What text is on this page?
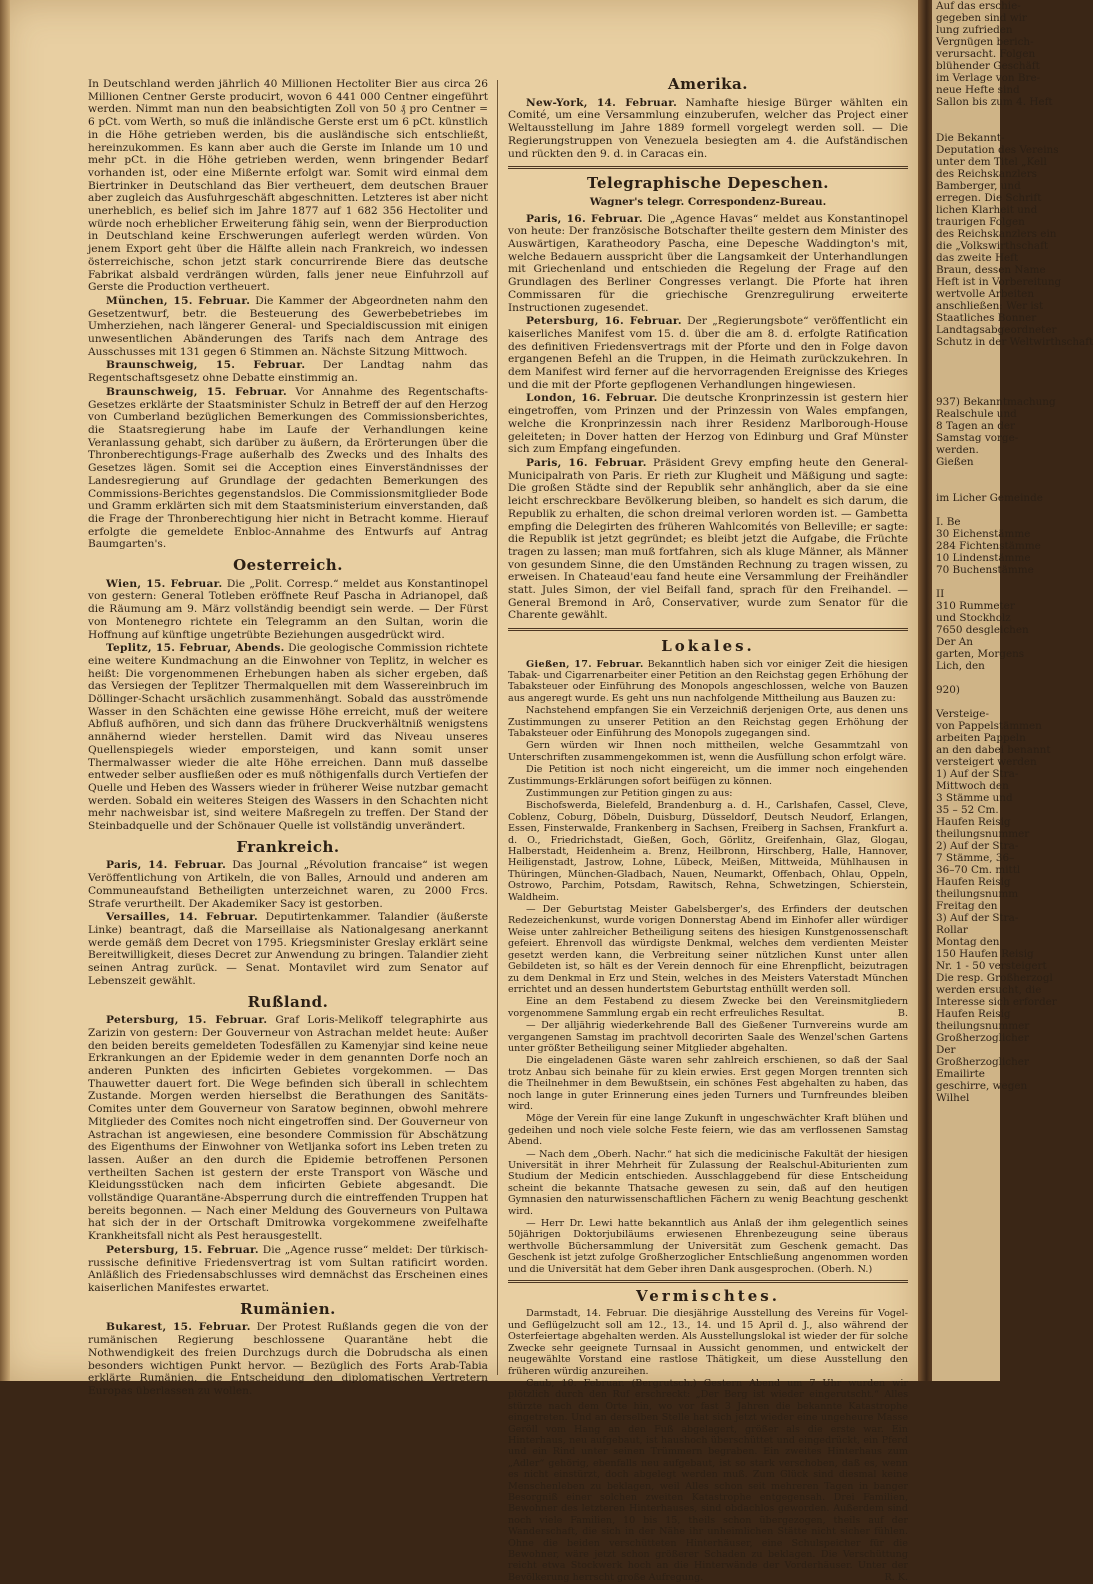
In Deutschland werden jährlich 40 Millionen Hectoliter Bier aus circa 26 Millionen Centner Gerste producirt, wovon 6 441 000 Centner eingeführt werden. Nimmt man nun den beabsichtigten Zoll von 50 ₰ pro Centner = 6 pCt. vom Werth, so muß die inländische Gerste erst um 6 pCt. künstlich in die Höhe getrieben werden, bis die ausländische sich entschließt, hereinzukommen. Es kann aber auch die Gerste im Inlande um 10 und mehr pCt. in die Höhe getrieben werden, wenn bringender Bedarf vorhanden ist, oder eine Mißernte erfolgt war. Somit wird einmal dem Biertrinker in Deutschland das Bier vertheuert, dem deutschen Brauer aber zugleich das Ausfuhrgeschäft abgeschnitten. Letzteres ist aber nicht unerheblich, es belief sich im Jahre 1877 auf 1 682 356 Hectoliter und würde noch erheblicher Erweiterung fähig sein, wenn der Bierproduction in Deutschland keine Erschwerungen auferlegt werden würden. Von jenem Export geht über die Hälfte allein nach Frankreich, wo indessen österreichische, schon jetzt stark concurrirende Biere das deutsche Fabrikat alsbald verdrängen würden, falls jener neue Einfuhrzoll auf Gerste die Production vertheuert.

München, 15. Februar. Die Kammer der Abgeordneten nahm den Gesetzentwurf, betr. die Besteuerung des Gewerbebetriebes im Umherziehen, nach längerer General- und Specialdiscussion mit einigen unwesentlichen Abänderungen des Tarifs nach dem Antrage des Ausschusses mit 131 gegen 6 Stimmen an. Nächste Sitzung Mittwoch.

Braunschweig, 15. Februar. Der Landtag nahm das Regentschaftsgesetz ohne Debatte einstimmig an.

Braunschweig, 15. Februar. Vor Annahme des Regentschafts-Gesetzes erklärte der Staatsminister Schulz in Betreff der auf den Herzog von Cumberland bezüglichen Bemerkungen des Commissionsberichtes, die Staatsregierung habe im Laufe der Verhandlungen keine Veranlassung gehabt, sich darüber zu äußern, da Erörterungen über die Thronberechtigungs-Frage außerhalb des Zwecks und des Inhalts des Gesetzes lägen. Somit sei die Acception eines Einverständnisses der Landesregierung auf Grundlage der gedachten Bemerkungen des Commissions-Berichtes gegenstandslos. Die Commissionsmitglieder Bode und Gramm erklärten sich mit dem Staatsministerium einverstanden, daß die Frage der Thronberechtigung hier nicht in Betracht komme. Hierauf erfolgte die gemeldete Enbloc-Annahme des Entwurfs auf Antrag Baumgarten's.

Oesterreich.

Wien, 15. Februar. Die „Polit. Corresp.“ meldet aus Konstantinopel von gestern: General Totleben eröffnete Reuf Pascha in Adrianopel, daß die Räumung am 9. März vollständig beendigt sein werde. — Der Fürst von Montenegro richtete ein Telegramm an den Sultan, worin die Hoffnung auf künftige ungetrübte Beziehungen ausgedrückt wird.

Teplitz, 15. Februar, Abends. Die geologische Commission richtete eine weitere Kundmachung an die Einwohner von Teplitz, in welcher es heißt: Die vorgenommenen Erhebungen haben als sicher ergeben, daß das Versiegen der Teplitzer Thermalquellen mit dem Wassereinbruch im Döllinger-Schacht ursächlich zusammenhängt. Sobald das ausströmende Wasser in den Schächten eine gewisse Höhe erreicht, muß der weitere Abfluß aufhören, und sich dann das frühere Druckverhältniß wenigstens annähernd wieder herstellen. Damit wird das Niveau unseres Quellenspiegels wieder emporsteigen, und kann somit unser Thermalwasser wieder die alte Höhe erreichen. Dann muß dasselbe entweder selber ausfließen oder es muß nöthigenfalls durch Vertiefen der Quelle und Heben des Wassers wieder in früherer Weise nutzbar gemacht werden. Sobald ein weiteres Steigen des Wassers in den Schachten nicht mehr nachweisbar ist, sind weitere Maßregeln zu treffen. Der Stand der Steinbadquelle und der Schönauer Quelle ist vollständig unverändert.

Frankreich.

Paris, 14. Februar. Das Journal „Révolution francaise“ ist wegen Veröffentlichung von Artikeln, die von Balles, Arnould und anderen am Communeaufstand Betheiligten unterzeichnet waren, zu 2000 Frcs. Strafe verurtheilt. Der Akademiker Sacy ist gestorben.

Versailles, 14. Februar. Deputirtenkammer. Talandier (äußerste Linke) beantragt, daß die Marseillaise als Nationalgesang anerkannt werde gemäß dem Decret von 1795. Kriegsminister Greslay erklärt seine Bereitwilligkeit, dieses Decret zur Anwendung zu bringen. Talandier zieht seinen Antrag zurück. — Senat. Montavilet wird zum Senator auf Lebenszeit gewählt.

Rußland.

Petersburg, 15. Februar. Graf Loris-Melikoff telegraphirte aus Zarizin von gestern: Der Gouverneur von Astrachan meldet heute: Außer den beiden bereits gemeldeten Todesfällen zu Kamenyjar sind keine neue Erkrankungen an der Epidemie weder in dem genannten Dorfe noch an anderen Punkten des inficirten Gebietes vorgekommen. — Das Thauwetter dauert fort. Die Wege befinden sich überall in schlechtem Zustande. Morgen werden hierselbst die Berathungen des Sanitäts-Comites unter dem Gouverneur von Saratow beginnen, obwohl mehrere Mitglieder des Comites noch nicht eingetroffen sind. Der Gouverneur von Astrachan ist angewiesen, eine besondere Commission für Abschätzung des Eigenthums der Einwohner von Wetljanka sofort ins Leben treten zu lassen. Außer an den durch die Epidemie betroffenen Personen vertheilten Sachen ist gestern der erste Transport von Wäsche und Kleidungsstücken nach dem inficirten Gebiete abgesandt. Die vollständige Quarantäne-Absperrung durch die eintreffenden Truppen hat bereits begonnen. — Nach einer Meldung des Gouverneurs von Pultawa hat sich der in der Ortschaft Dmitrowka vorgekommene zweifelhafte Krankheitsfall nicht als Pest herausgestellt.

Petersburg, 15. Februar. Die „Agence russe“ meldet: Der türkisch-russische definitive Friedensvertrag ist vom Sultan ratificirt worden. Anläßlich des Friedensabschlusses wird demnächst das Erscheinen eines kaiserlichen Manifestes erwartet.

Rumänien.

Bukarest, 15. Februar. Der Protest Rußlands gegen die von der rumänischen Regierung beschlossene Quarantäne hebt die Nothwendigkeit des freien Durchzugs durch die Dobrudscha als einen besonders wichtigen Punkt hervor. — Bezüglich des Forts Arab-Tabia erklärte Rumänien, die Entscheidung den diplomatischen Vertretern Europas überlassen zu wollen.

Amerika.

New-York, 14. Februar. Namhafte hiesige Bürger wählten ein Comité, um eine Versammlung einzuberufen, welcher das Project einer Weltausstellung im Jahre 1889 formell vorgelegt werden soll. — Die Regierungstruppen von Venezuela besiegten am 4. die Aufständischen und rückten den 9. d. in Caracas ein.

Telegraphische Depeschen.
Wagner's telegr. Correspondenz-Bureau.

Paris, 16. Februar. Die „Agence Havas“ meldet aus Konstantinopel von heute: Der französische Botschafter theilte gestern dem Minister des Auswärtigen, Karatheodory Pascha, eine Depesche Waddington's mit, welche Bedauern ausspricht über die Langsamkeit der Unterhandlungen mit Griechenland und entschieden die Regelung der Frage auf den Grundlagen des Berliner Congresses verlangt. Die Pforte hat ihren Commissaren für die griechische Grenzregulirung erweiterte Instructionen zugesendet.

Petersburg, 16. Februar. Der „Regierungsbote“ veröffentlicht ein kaiserliches Manifest vom 15. d. über die am 8. d. erfolgte Ratification des definitiven Friedensvertrags mit der Pforte und den in Folge davon ergangenen Befehl an die Truppen, in die Heimath zurückzukehren. In dem Manifest wird ferner auf die hervorragenden Ereignisse des Krieges und die mit der Pforte gepflogenen Verhandlungen hingewiesen.

London, 16. Februar. Die deutsche Kronprinzessin ist gestern hier eingetroffen, vom Prinzen und der Prinzessin von Wales empfangen, welche die Kronprinzessin nach ihrer Residenz Marlborough-House geleiteten; in Dover hatten der Herzog von Edinburg und Graf Münster sich zum Empfang eingefunden.

Paris, 16. Februar. Präsident Grevy empfing heute den General-Municipalrath von Paris. Er rieth zur Klugheit und Mäßigung und sagte: Die großen Städte sind der Republik sehr anhänglich, aber da sie eine leicht erschreckbare Bevölkerung bleiben, so handelt es sich darum, die Republik zu erhalten, die schon dreimal verloren worden ist. — Gambetta empfing die Delegirten des früheren Wahlcomités von Belleville; er sagte: die Republik ist jetzt gegründet; es bleibt jetzt die Aufgabe, die Früchte tragen zu lassen; man muß fortfahren, sich als kluge Männer, als Männer von gesundem Sinne, die den Umständen Rechnung zu tragen wissen, zu erweisen. In Chateaud'eau fand heute eine Versammlung der Freihändler statt. Jules Simon, der viel Beifall fand, sprach für den Freihandel. — General Bremond in Arô, Conservativer, wurde zum Senator für die Charente gewählt.

Lokales.

Gießen, 17. Februar. Bekanntlich haben sich vor einiger Zeit die hiesigen Tabak- und Cigarrenarbeiter einer Petition an den Reichstag gegen Erhöhung der Tabaksteuer oder Einführung des Monopols angeschlossen, welche von Bauzen aus angeregt wurde. Es geht uns nun nachfolgende Mittheilung aus Bauzen zu:

Nachstehend empfangen Sie ein Verzeichniß derjenigen Orte, aus denen uns Zustimmungen zu unserer Petition an den Reichstag gegen Erhöhung der Tabaksteuer oder Einführung des Monopols zugegangen sind.

Gern würden wir Ihnen noch mittheilen, welche Gesammtzahl von Unterschriften zusammengekommen ist, wenn die Ausfüllung schon erfolgt wäre.

Die Petition ist noch nicht eingereicht, um die immer noch eingehenden Zustimmungs-Erklärungen sofort beifügen zu können.

Zustimmungen zur Petition gingen zu aus:

Bischofswerda, Bielefeld, Brandenburg a. d. H., Carlshafen, Cassel, Cleve, Coblenz, Coburg, Döbeln, Duisburg, Düsseldorf, Deutsch Neudorf, Erlangen, Essen, Finsterwalde, Frankenberg in Sachsen, Freiberg in Sachsen, Frankfurt a. d. O., Friedrichstadt, Gießen, Goch, Görlitz, Greifenhain, Glaz, Glogau, Halberstadt, Heidenheim a. Brenz, Heilbronn, Hirschberg, Halle, Hannover, Heiligenstadt, Jastrow, Lohne, Lübeck, Meißen, Mittweida, Mühlhausen in Thüringen, München-Gladbach, Nauen, Neumarkt, Offenbach, Ohlau, Oppeln, Ostrowo, Parchim, Potsdam, Rawitsch, Rehna, Schwetzingen, Schierstein, Waldheim.

— Der Geburtstag Meister Gabelsberger's, des Erfinders der deutschen Redezeichenkunst, wurde vorigen Donnerstag Abend im Einhofer aller würdiger Weise unter zahlreicher Betheiligung seitens des hiesigen Kunstgenossenschaft gefeiert. Ehrenvoll das würdigste Denkmal, welches dem verdienten Meister gesetzt werden kann, die Verbreitung seiner nützlichen Kunst unter allen Gebildeten ist, so hält es der Verein dennoch für eine Ehrenpflicht, beizutragen zu dem Denkmal in Erz und Stein, welches in des Meisters Vaterstadt München errichtet und an dessen hundertstem Geburtstag enthüllt werden soll.

Eine an dem Festabend zu diesem Zwecke bei den Vereinsmitgliedern vorgenommene Sammlung ergab ein recht erfreuliches Resultat.	B.

— Der alljährig wiederkehrende Ball des Gießener Turnvereins wurde am vergangenen Samstag im prachtvoll decorirten Saale des Wenzel'schen Gartens unter größter Betheiligung seiner Mitglieder abgehalten.

Die eingeladenen Gäste waren sehr zahlreich erschienen, so daß der Saal trotz Anbau sich beinahe für zu klein erwies. Erst gegen Morgen trennten sich die Theilnehmer in dem Bewußtsein, ein schönes Fest abgehalten zu haben, das noch lange in guter Erinnerung eines jeden Turners und Turnfreundes bleiben wird.

Möge der Verein für eine lange Zukunft in ungeschwächter Kraft blühen und gedeihen und noch viele solche Feste feiern, wie das am verflossenen Samstag Abend.

— Nach dem „Oberh. Nachr.“ hat sich die medicinische Fakultät der hiesigen Universität in ihrer Mehrheit für Zulassung der Realschul-Abiturienten zum Studium der Medicin entschieden. Ausschlaggebend für diese Entscheidung scheint die bekannte Thatsache gewesen zu sein, daß auf den heutigen Gymnasien den naturwissenschaftlichen Fächern zu wenig Beachtung geschenkt wird.

— Herr Dr. Lewi hatte bekanntlich aus Anlaß der ihm gelegentlich seines 50jährigen Doktorjubiläums erwiesenen Ehrenbezeugung seine überaus werthvolle Büchersammlung der Universität zum Geschenk gemacht. Das Geschenk ist jetzt zufolge Großherzoglicher Entschließung angenommen worden und die Universität hat dem Geber ihren Dank ausgesprochen. (Oberh. N.)

Vermischtes.

Darmstadt, 14. Februar. Die diesjährige Ausstellung des Vereins für Vogel- und Geflügelzucht soll am 12., 13., 14. und 15 April d. J., also während der Osterfeiertage abgehalten werden. Als Ausstellungslokal ist wieder der für solche Zwecke sehr geeignete Turnsaal in Aussicht genommen, und entwickelt der neugewählte Vorstand eine rastlose Thätigkeit, um diese Ausstellung den früheren würdig anzureihen.

Caub, 10. Februar. (Bergrutsch.) Gestern Abend um 7 Uhr wurden wir plötzlich durch den Ruf erschreckt: „Der Berg ist wieder eingerutscht.“ Alles stürzte nach dem Orte hin, wo vor fast 3 Jahren die bekannte Katastrophe eingetreten. Und an derselben Stelle hat sich jetzt wieder eine ungeheure Masse Geröll vom Hang an den Fuß abgelagert, größer als die erste war. Ein Hinterhaus, neu aufgebaut, ist haushoch überschüttet und eingedrückt, ein Pferd und ein Rind unter seinen Trümmern begraben. Ein zweites Hinterhaus zum „Adler“ gehörig, ebenfalls neu aufgebaut, ist so stark verschoben, daß es, wenn es nicht einstürzt, doch abgelegt werden muß. Zum Glück sind diesmal keine Menschenleben zu beklagen, weil Alles schon seit mehreren Tagen in banger Besorgniß einer solchen zweiten Katastrophe entgegensah. Drei Familien, Bewohner des letzteren Hinterhauses, sind obdachlos geworden. Außerdem sind noch viele Familien, 10 bis 15, theils schon übergezogen, theils auf der Wanderschaft, die sich in der Nähe ihr unheimlichen Stätte nicht sicher fühlen. Ohne die beiden verschütteten Hinterhäuser, eine Schulspeicher für die Bewohner, wäre jetzt schon größerer Schaden zu beklagen. Die Verschüttung reicht etwa Stockwerk hoch an die Hinterwände der Vorderhäuser. Unter der Bevölkerung herrscht große Aufregung.	R. K.

Auf das erschie-
gegeben sind wir
lung zufrieden
Vergnügen berich-
verursacht. Folgen
blühender Geschäft
im Verlage von Bre-
neue Hefte sind
Sallon bis zum 4. Heft

Die Bekannt-
Deputation des Vereins
unter dem Titel „Kell
des Reichskanzlers
Bamberger, und
erregen. Die Schrift
lichen Klarheit und
traurigen Folgen
des Reichskanzlers ein
die „Volkswirthschaft
das zweite Heft
Braun, dessen Name
Heft ist in Vorbereitung
wertvolle Arbeiten
anschließen: Wer ist
Staatliches Bonner
Landtagsabgeordneter
Schutz in der Weltwirthschaft

937) Bekanntmachung
Realschule und
8 Tagen an der
Samstag vorge-
werden.
Gießen

im Licher Gemeinde

I. Be
30 Eichenstämme
284 Fichtenstämme
10 Lindenstämme
70 Buchenstämme

II
310 Rummeter
und Stockholz
7650 desgleichen
Der An
garten, Morgens
Lich, den

920)

Versteige-
von Pappelstämmen
arbeiten Pappeln
an den dabei benannt
versteigert werden
1) Auf der Stra-
Mittwoch den
3 Stämme und
35 – 52 Cm.
Haufen Reisig
theilungsnummer
2) Auf der Stra-
7 Stämme, 36–
36–70 Cm. mittl
Haufen Reisig
theilungsnumm
Freitag den
3) Auf der Stra-
Rollar
Montag den
150 Haufen Reisig
Nr. 1 - 50 versteigert
Die resp. Großherzogl
werden ersucht, die
Interesse sich erforder
Haufen Reisig
theilungsnummer
Großherzoglicher
Der
Großherzoglicher
Emailirte
geschirre, wegen
Wilhel
